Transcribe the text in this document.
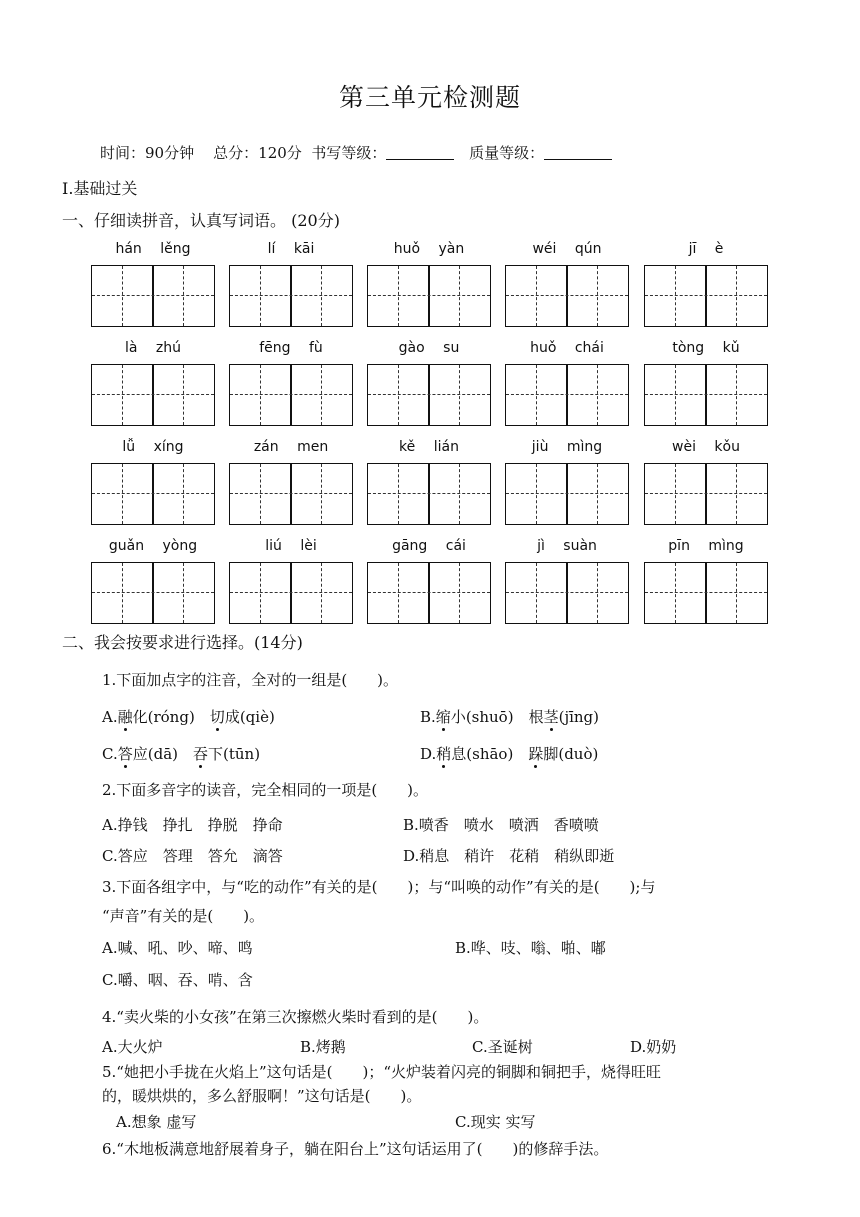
第三单元检测题
时间：90分钟 总分：120分 书写等级：	质量等级：
Ⅰ.基础过关
一、仔细读拼音，认真写词语。 (20分)
hán lěng	lí kāi	huǒ yàn	wéi qún	jī è
là zhú	fēng fù	gào su	huǒ chái	tòng kǔ
lǚ xíng	zán men	kě lián	jiù mìng	wèi kǒu
guǎn yòng	liú lèi	gāng cái	jì suàn	pīn mìng
二、我会按要求进行选择。(14分)
1.下面加点字的注音，全对的一组是(　　)。
A.融化(róng)　切成(qiè)	B.缩小(shuō)　根茎(jīng)
C.答应(dā)　吞下(tūn)	D.稍息(shāo)　跺脚(duò)
2.下面多音字的读音，完全相同的一项是(　　)。
A.挣钱　挣扎　挣脱　挣命	B.喷香　喷水　喷洒　香喷喷
C.答应　答理　答允　滴答	D.稍息　稍许　花稍　稍纵即逝
3.下面各组字中，与“吃的动作”有关的是(　　)；与“叫唤的动作”有关的是(　　);与
“声音”有关的是(　　)。
A.喊、吼、吵、啼、鸣	B.哗、吱、嗡、啪、嘟
C.嚼、咽、吞、啃、含
4.“卖火柴的小女孩”在第三次擦燃火柴时看到的是(　　)。
A.大火炉	B.烤鹅	C.圣诞树	D.奶奶
5.“她把小手拢在火焰上”这句话是(　　)；“火炉装着闪亮的铜脚和铜把手，烧得旺旺
的，暖烘烘的，多么舒服啊！”这句话是(　　)。
A.想象 虚写	C.现实 实写
6.“木地板满意地舒展着身子，躺在阳台上”这句话运用了(　　)的修辞手法。
